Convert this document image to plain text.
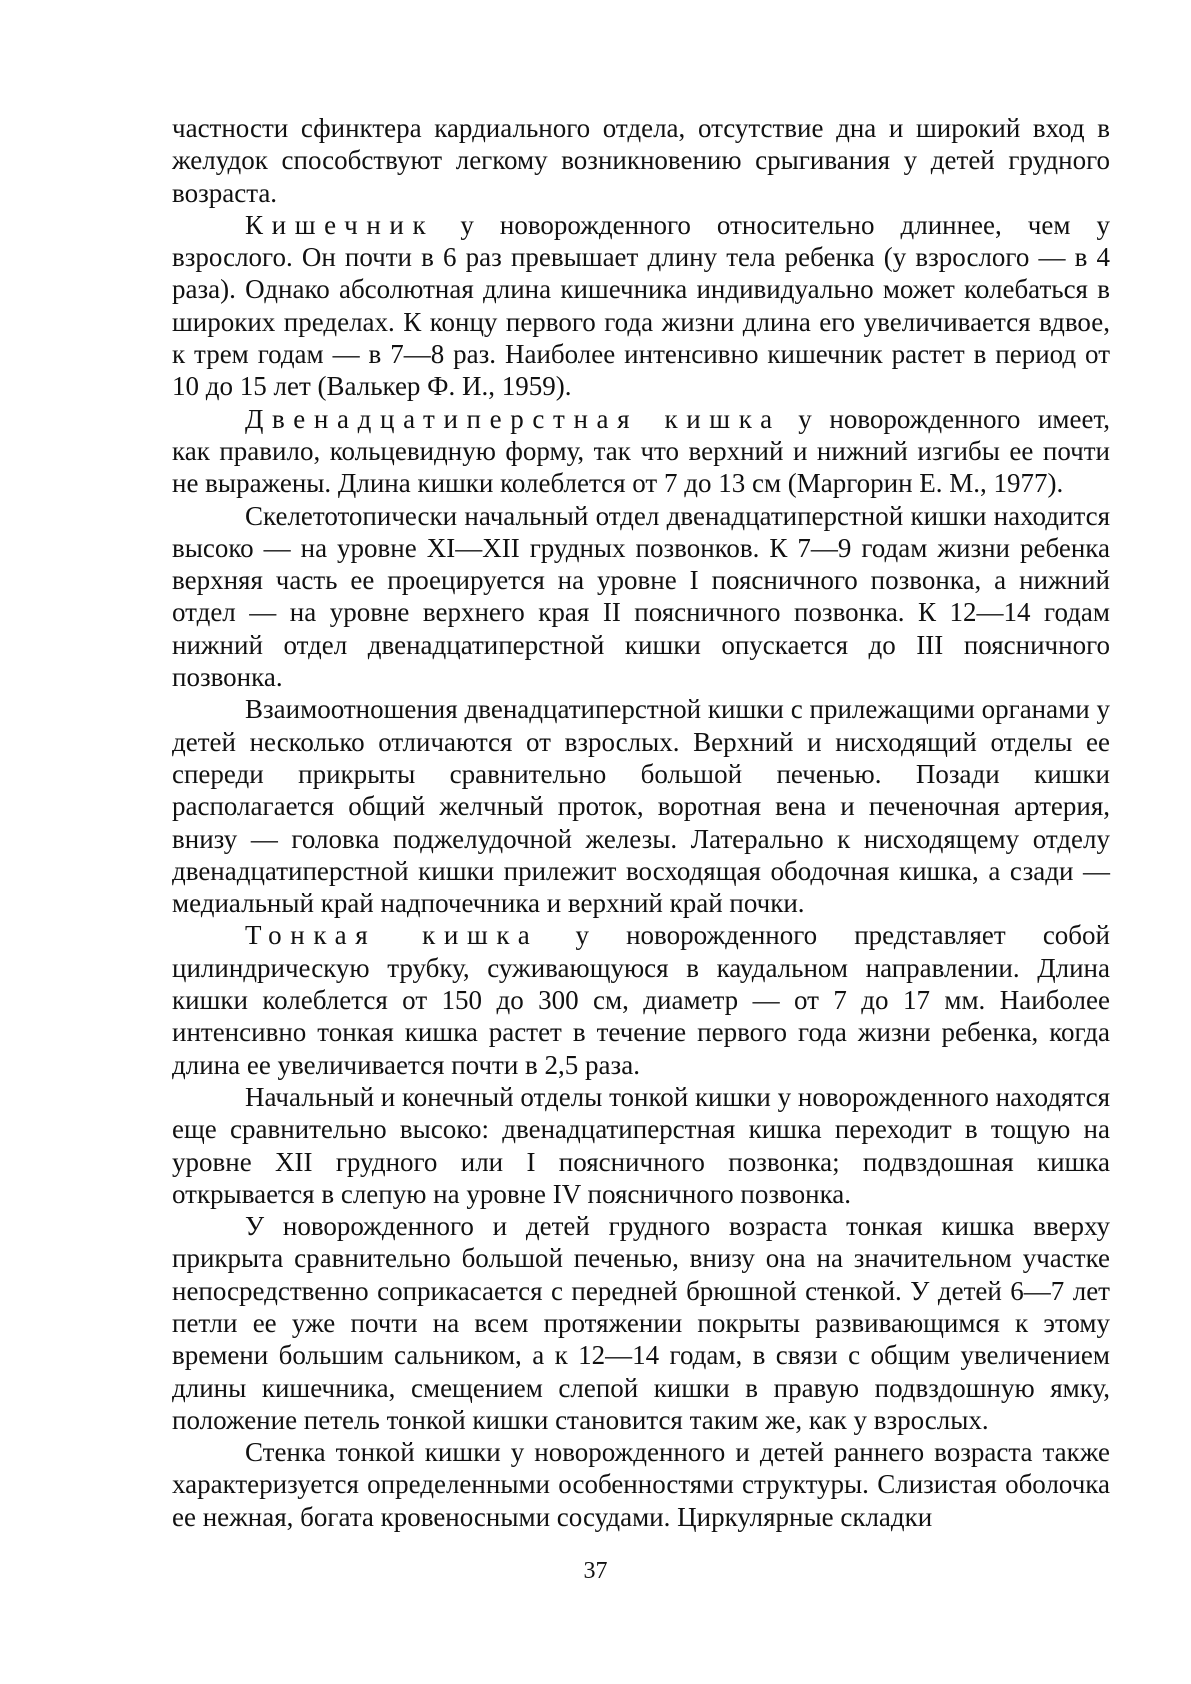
частности сфинктера кардиального отдела, отсутствие дна и широкий вход в желудок способствуют легкому возникновению срыгивания у детей грудного возраста.

Кишечник у новорожденного относительно длиннее, чем у взрослого. Он почти в 6 раз превышает длину тела ребенка (у взрослого — в 4 раза). Однако абсолютная длина кишечника индивидуально может колебаться в широких пределах. К концу первого года жизни длина его увеличивается вдвое, к трем годам — в 7—8 раз. Наиболее интенсивно кишечник растет в период от 10 до 15 лет (Валькер Ф. И., 1959).

Двенадцатиперстная кишка у новорожденного имеет, как правило, кольцевидную форму, так что верхний и нижний изгибы ее почти не выражены. Длина кишки колеблется от 7 до 13 см (Маргорин Е. М., 1977).

Скелетотопически начальный отдел двенадцатиперстной кишки находится высоко — на уровне XI—XII грудных позвонков. К 7—9 годам жизни ребенка верхняя часть ее проецируется на уровне I поясничного позвонка, а нижний отдел — на уровне верхнего края II поясничного позвонка. К 12—14 годам нижний отдел двенадцатиперстной кишки опускается до III поясничного позвонка.

Взаимоотношения двенадцатиперстной кишки с прилежащими органами у детей несколько отличаются от взрослых. Верхний и нисходящий отделы ее спереди прикрыты сравнительно большой печенью. Позади кишки располагается общий желчный проток, воротная вена и печеночная артерия, внизу — головка поджелудочной железы. Латерально к нисходящему отделу двенадцатиперстной кишки прилежит восходящая ободочная кишка, а сзади — медиальный край надпочечника и верхний край почки.

Тонкая кишка у новорожденного представляет собой цилиндрическую трубку, суживающуюся в каудальном направлении. Длина кишки колеблется от 150 до 300 см, диаметр — от 7 до 17 мм. Наиболее интенсивно тонкая кишка растет в течение первого года жизни ребенка, когда длина ее увеличивается почти в 2,5 раза.

Начальный и конечный отделы тонкой кишки у новорожденного находятся еще сравнительно высоко: двенадцатиперстная кишка переходит в тощую на уровне XII грудного или I поясничного позвонка; подвздошная кишка открывается в слепую на уровне IV поясничного позвонка.

У новорожденного и детей грудного возраста тонкая кишка вверху прикрыта сравнительно большой печенью, внизу она на значительном участке непосредственно соприкасается с передней брюшной стенкой. У детей 6—7 лет петли ее уже почти на всем протяжении покрыты развивающимся к этому времени большим сальником, а к 12—14 годам, в связи с общим увеличением длины кишечника, смещением слепой кишки в правую подвздошную ямку, положение петель тонкой кишки становится таким же, как у взрослых.

Стенка тонкой кишки у новорожденного и детей раннего возраста также характеризуется определенными особенностями структуры. Слизистая оболочка ее нежная, богата кровеносными сосудами. Циркулярные складки

37
